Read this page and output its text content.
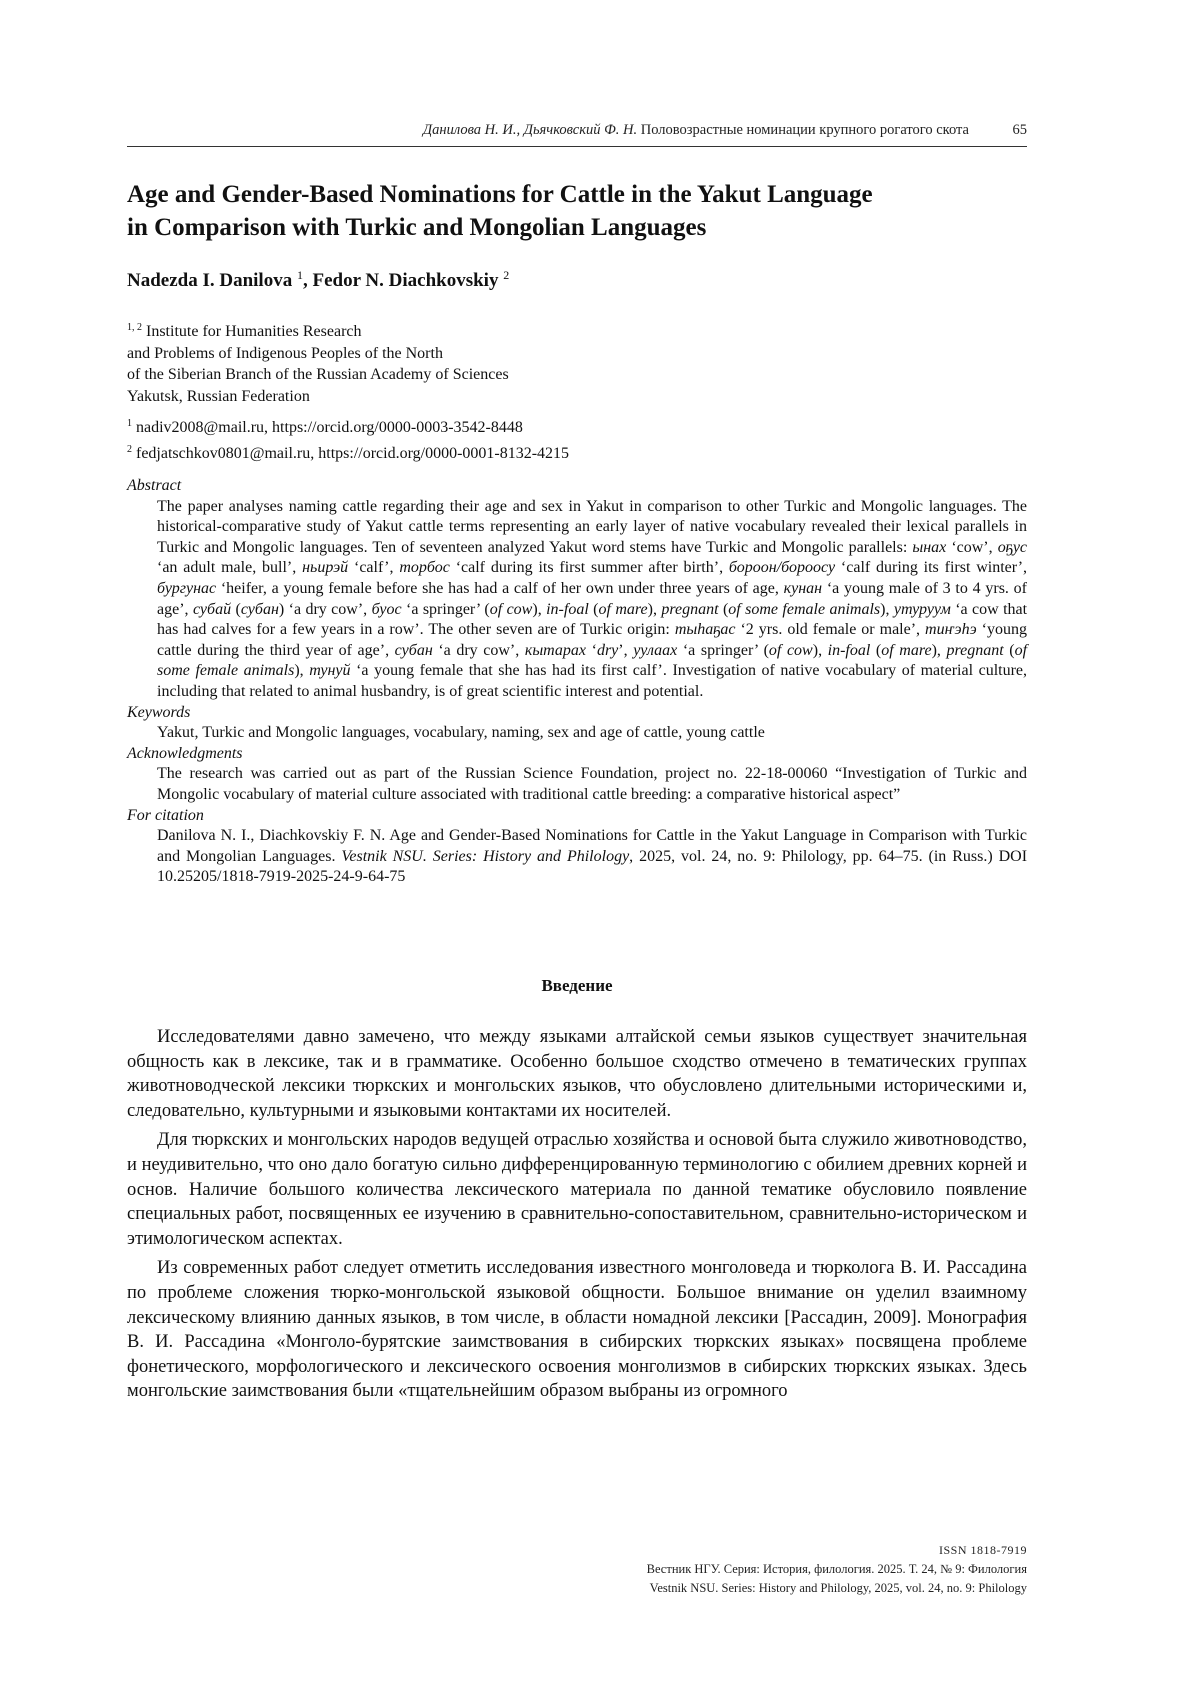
Данилова Н. И., Дьячковский Ф. Н. Половозрастные номинации крупного рогатого скота	65
Age and Gender-Based Nominations for Cattle in the Yakut Language
in Comparison with Turkic and Mongolian Languages

Nadezda I. Danilova $^1$, Fedor N. Diachkovskiy $^2$

$^{1, 2}$ Institute for Humanities Research
and Problems of Indigenous Peoples of the North
of the Siberian Branch of the Russian Academy of Sciences
Yakutsk, Russian Federation
$^1$ nadiv2008@mail.ru, https://orcid.org/0000-0003-3542-8448
$^2$ fedjatschkov0801@mail.ru, https://orcid.org/0000-0001-8132-4215
Abstract
The paper analyses naming cattle regarding their age and sex in Yakut in comparison to other Turkic and Mongolic languages. The historical-comparative study of Yakut cattle terms representing an early layer of native vocabulary revealed their lexical parallels in Turkic and Mongolic languages. Ten of seventeen analyzed Yakut word stems have Turkic and Mongolic parallels: ынах ‘cow’, оҕус ‘an adult male, bull’, ньирэй ‘calf’, торбос ‘calf during its first summer after birth’, бороон/бороосу ‘calf during its first winter’, бургунас ‘heifer, a young female before she has had a calf of her own under three years of age, кунан ‘a young male of 3 to 4 yrs. of age’, субай (субан) ‘a dry cow’, буос ‘a springer’ (of cow), in-foal (of mare), pregnant (of some female animals), утуруум ‘a cow that has had calves for a few years in a row’. The other seven are of Turkic origin: тыһаҕас ‘2 yrs. old female or male’, тиҥэһэ ‘young cattle during the third year of age’, субан ‘a dry cow’, кытарах ‘dry’, уулаах ‘a springer’ (of cow), in-foal (of mare), pregnant (of some female animals), тунуй ‘a young female that she has had its first calf’. Investigation of native vocabulary of material culture, including that related to animal husbandry, is of great scientific interest and potential.
Keywords
Yakut, Turkic and Mongolic languages, vocabulary, naming, sex and age of cattle, young cattle
Acknowledgments
The research was carried out as part of the Russian Science Foundation, project no. 22-18-00060 “Investigation of Turkic and Mongolic vocabulary of material culture associated with traditional cattle breeding: a comparative historical aspect”
For citation
Danilova N. I., Diachkovskiy F. N. Age and Gender-Based Nominations for Cattle in the Yakut Language in Comparison with Turkic and Mongolian Languages. Vestnik NSU. Series: History and Philology, 2025, vol. 24, no. 9: Philology, pp. 64–75. (in Russ.) DOI 10.25205/1818-7919-2025-24-9-64-75
Введение

Исследователями давно замечено, что между языками алтайской семьи языков существует значительная общность как в лексике, так и в грамматике. Особенно большое сходство отмечено в тематических группах животноводческой лексики тюркских и монгольских языков, что обусловлено длительными историческими и, следовательно, культурными и языковыми контактами их носителей.

Для тюркских и монгольских народов ведущей отраслью хозяйства и основой быта служило животноводство, и неудивительно, что оно дало богатую сильно дифференцированную терминологию с обилием древних корней и основ. Наличие большого количества лексического материала по данной тематике обусловило появление специальных работ, посвященных ее изучению в сравнительно-сопоставительном, сравнительно-историческом и этимологическом аспектах.

Из современных работ следует отметить исследования известного монголоведа и тюрколога В. И. Рассадина по проблеме сложения тюрко-монгольской языковой общности. Большое внимание он уделил взаимному лексическому влиянию данных языков, в том числе, в области номадной лексики [Рассадин, 2009]. Монография В. И. Рассадина «Монголо-бурятские заимствования в сибирских тюркских языках» посвящена проблеме фонетического, морфологического и лексического освоения монголизмов в сибирских тюркских языках. Здесь монгольские заимствования были «тщательнейшим образом выбраны из огромного

ISSN 1818-7919
Вестник НГУ. Серия: История, филология. 2025. Т. 24, № 9: Филология
Vestnik NSU. Series: History and Philology, 2025, vol. 24, no. 9: Philology
